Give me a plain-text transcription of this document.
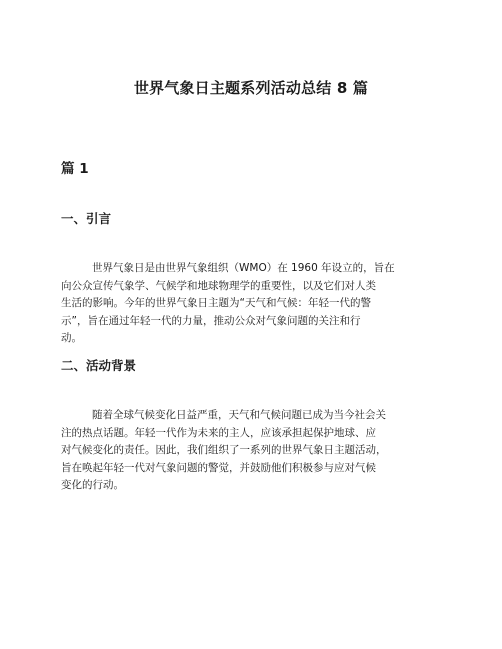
世界气象日主题系列活动总结 8 篇
篇 1
一、引言
世界气象日是由世界气象组织（WMO）在 1960 年设立的，旨在
向公众宣传气象学、气候学和地球物理学的重要性，以及它们对人类
生活的影响。今年的世界气象日主题为“天气和气候：年轻一代的警
示”，旨在通过年轻一代的力量，推动公众对气象问题的关注和行
动。
二、活动背景
随着全球气候变化日益严重，天气和气候问题已成为当今社会关
注的热点话题。年轻一代作为未来的主人，应该承担起保护地球、应
对气候变化的责任。因此，我们组织了一系列的世界气象日主题活动，
旨在唤起年轻一代对气象问题的警觉，并鼓励他们积极参与应对气候
变化的行动。
